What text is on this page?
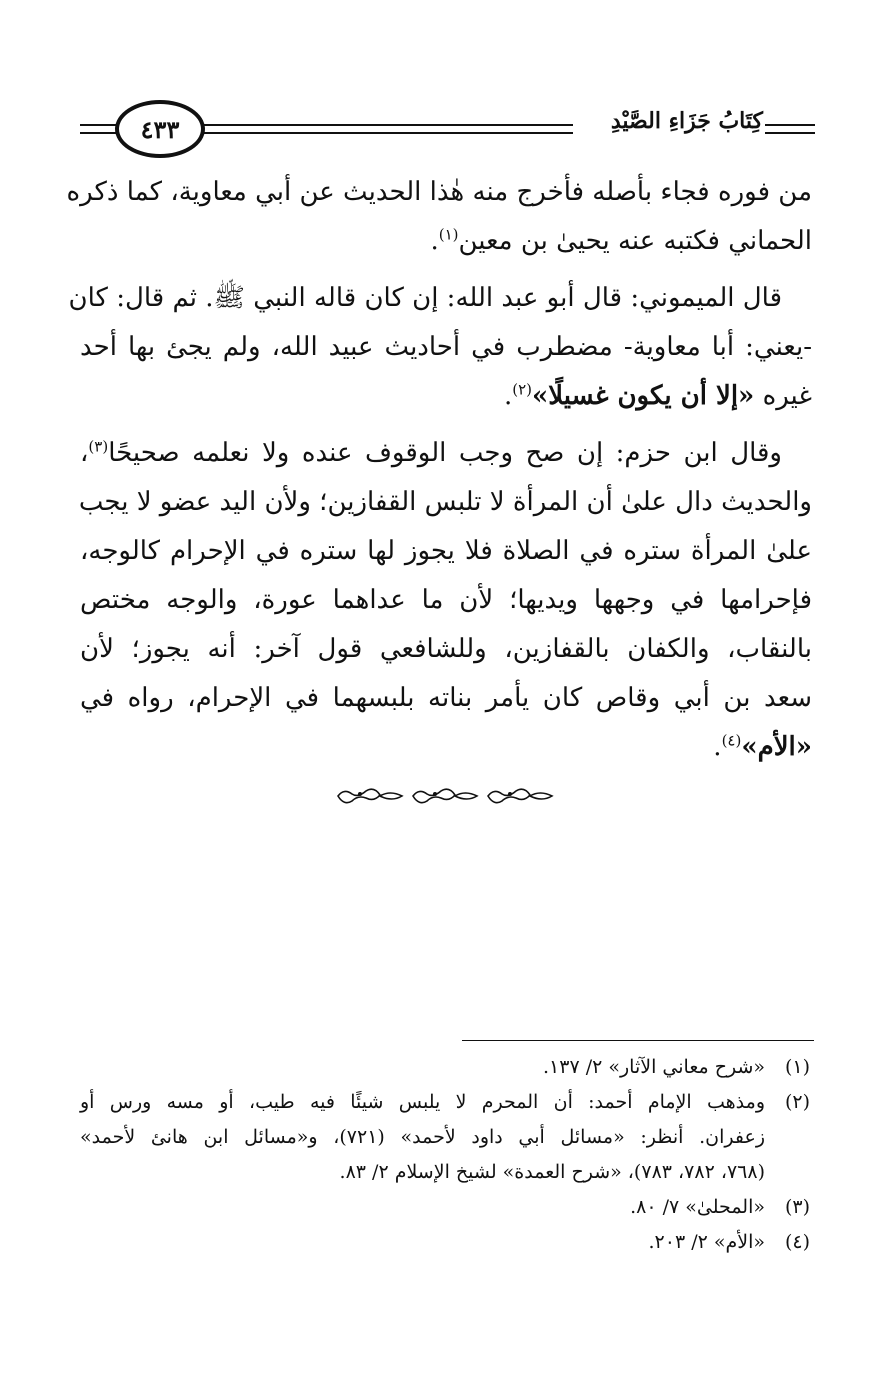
٤٣٣	كِتَابُ جَزَاءِ الصَّيْدِ
من فوره فجاء بأصله فأخرج منه هٰذا الحديث عن أبي معاوية، كما ذكره
الحماني فكتبه عنه يحيىٰ بن معين$^{(١)}$.
قال الميموني: قال أبو عبد الله: إن كان قاله النبي ﷺ. ثم قال: كان
-يعني: أبا معاوية- مضطرب في أحاديث عبيد الله، ولم يجئ بها أحد
غيره «إلا أن يكون غسيلًا»$^{(٢)}$.
وقال ابن حزم: إن صح وجب الوقوف عنده ولا نعلمه صحيحًا$^{(٣)}$،
والحديث دال علىٰ أن المرأة لا تلبس القفازين؛ ولأن اليد عضو لا يجب
علىٰ المرأة ستره في الصلاة فلا يجوز لها ستره في الإحرام كالوجه،
فإحرامها في وجهها ويديها؛ لأن ما عداهما عورة، والوجه مختص
بالنقاب، والكفان بالقفازين، وللشافعي قول آخر: أنه يجوز؛ لأن
سعد بن أبي وقاص كان يأمر بناته بلبسهما في الإحرام، رواه في
«الأم»$^{(٤)}$.
(١)
«شرح معاني الآثار» ٢/ ١٣٧.
(٢)
ومذهب الإمام أحمد: أن المحرم لا يلبس شيئًا فيه طيب، أو مسه ورس أو
زعفران. أنظر: «مسائل أبي داود لأحمد» (٧٢١)، و«مسائل ابن هانئ لأحمد»
(٧٦٨، ٧٨٢، ٧٨٣)، «شرح العمدة» لشيخ الإسلام ٢/ ٨٣.
(٣)
«المحلىٰ» ٧/ ٨٠.
(٤)
«الأم» ٢/ ٢٠٣.
